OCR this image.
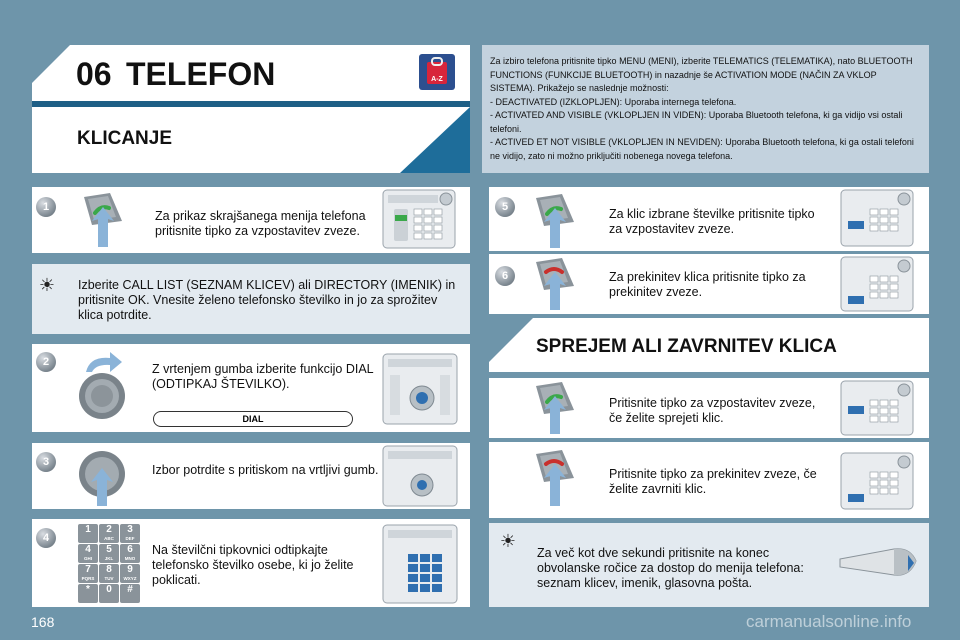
06 TELEFON	A-Z
KLICANJE

Za izbiro telefona pritisnite tipko MENU (MENI), izberite TELEMATICS (TELEMATIKA), nato BLUETOOTH FUNCTIONS (FUNKCIJE BLUETOOTH) in nazadnje še ACTIVATION MODE (NAČIN ZA VKLOP SISTEMA). Prikažejo se naslednje možnosti:

- DEACTIVATED (IZKLOPLJEN): Uporaba internega telefona.

- ACTIVATED AND VISIBLE (VKLOPLJEN IN VIDEN): Uporaba Bluetooth telefona, ki ga vidijo vsi ostali telefoni.

- ACTIVED ET NOT VISIBLE (VKLOPLJEN IN NEVIDEN): Uporaba Bluetooth telefona, ki ga ostali telefoni ne vidijo, zato ni možno priključiti nobenega novega telefona.

1
Za prikaz skrajšanega menija telefona pritisnite tipko za vzpostavitev zveze.
☀ Izberite CALL LIST (SEZNAM KLICEV) ali DIRECTORY (IMENIK) in pritisnite OK. Vnesite želeno telefonsko številko in jo za sprožitev klica potrdite.
2	Z vrtenjem gumba izberite funkcijo DIAL (ODTIPKAJ ŠTEVILKO).
DIAL
3
Izbor potrdite s pritiskom na vrtljivi gumb.
4
1	2
ABC
3
DEF
4
GHI
5
JKL
6
MNO
7
PQRS
8
TUV
9
WXYZ
*	0	#
Na številčni tipkovnici odtipkajte telefonsko številko osebe, ki jo želite poklicati.
5	Za klic izbrane številke pritisnite tipko za vzpostavitev zveze.
6	Za prekinitev klica pritisnite tipko za prekinitev zveze.
SPREJEM ALI ZAVRNITEV KLICA
Pritisnite tipko za vzpostavitev zveze, če želite sprejeti klic.
Pritisnite tipko za prekinitev zveze, če želite zavrniti klic.
☀
Za več kot dve sekundi pritisnite na konec obvolanske ročice za dostop do menija telefona: seznam klicev, imenik, glasovna pošta.
168	carmanualsonline.info
